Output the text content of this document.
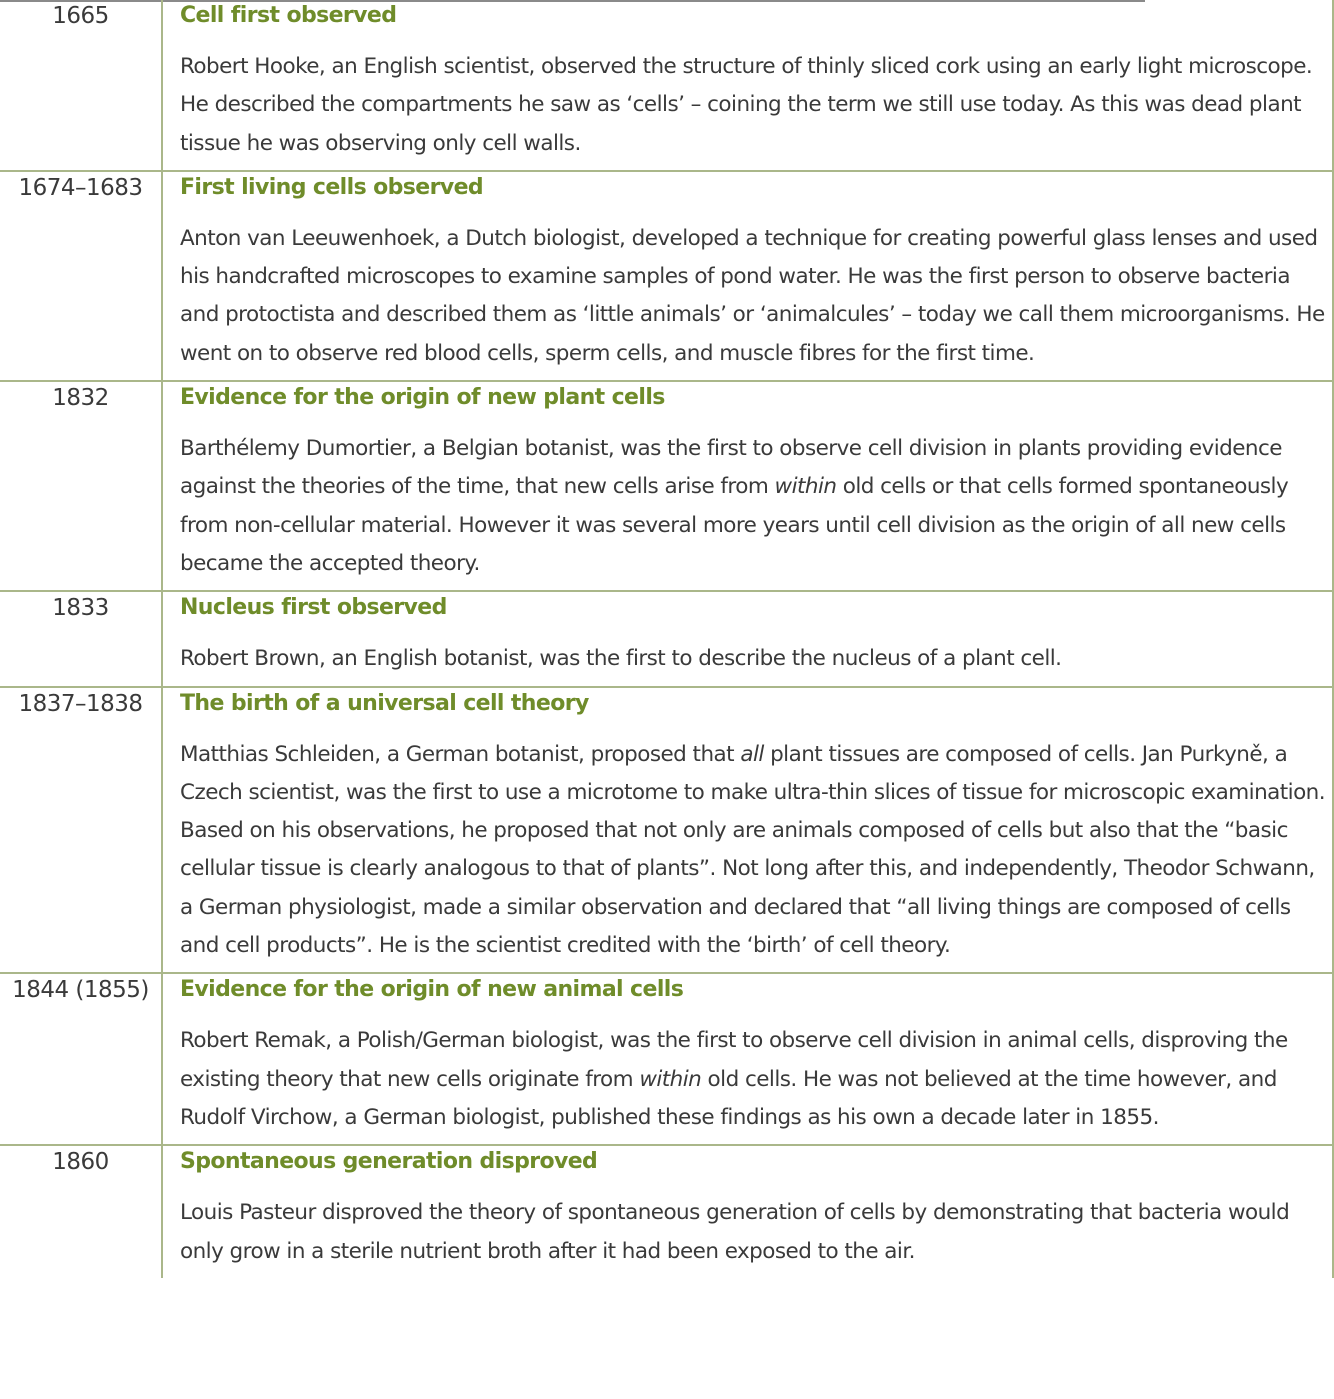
1665	Cell first observed

Robert Hooke, an English scientist, observed the structure of thinly sliced cork using an early light microscope. He described the compartments he saw as ‘cells’ – coining the term we still use today. As this was dead plant tissue he was observing only cell walls.

1674–1683	First living cells observed

Anton van Leeuwenhoek, a Dutch biologist, developed a technique for creating powerful glass lenses and used his handcrafted microscopes to examine samples of pond water. He was the first person to observe bacteria and protoctista and described them as ‘little animals’ or ‘animalcules’ – today we call them microorganisms. He went on to observe red blood cells, sperm cells, and muscle fibres for the first time.

1832	Evidence for the origin of new plant cells

Barthélemy Dumortier, a Belgian botanist, was the first to observe cell division in plants providing evidence against the theories of the time, that new cells arise from within old cells or that cells formed spontaneously from non-cellular material. However it was several more years until cell division as the origin of all new cells became the accepted theory.

1833	Nucleus first observed

Robert Brown, an English botanist, was the first to describe the nucleus of a plant cell.

1837–1838	The birth of a universal cell theory

Matthias Schleiden, a German botanist, proposed that all plant tissues are composed of cells. Jan Purkyně, a Czech scientist, was the first to use a microtome to make ultra-thin slices of tissue for microscopic examination. Based on his observations, he proposed that not only are animals composed of cells but also that the “basic cellular tissue is clearly analogous to that of plants”. Not long after this, and independently, Theodor Schwann, a German physiologist, made a similar observation and declared that “all living things are composed of cells and cell products”. He is the scientist credited with the ‘birth’ of cell theory.

1844 (1855)	Evidence for the origin of new animal cells

Robert Remak, a Polish/German biologist, was the first to observe cell division in animal cells, disproving the existing theory that new cells originate from within old cells. He was not believed at the time however, and Rudolf Virchow, a German biologist, published these findings as his own a decade later in 1855.

1860	Spontaneous generation disproved

Louis Pasteur disproved the theory of spontaneous generation of cells by demonstrating that bacteria would only grow in a sterile nutrient broth after it had been exposed to the air.
